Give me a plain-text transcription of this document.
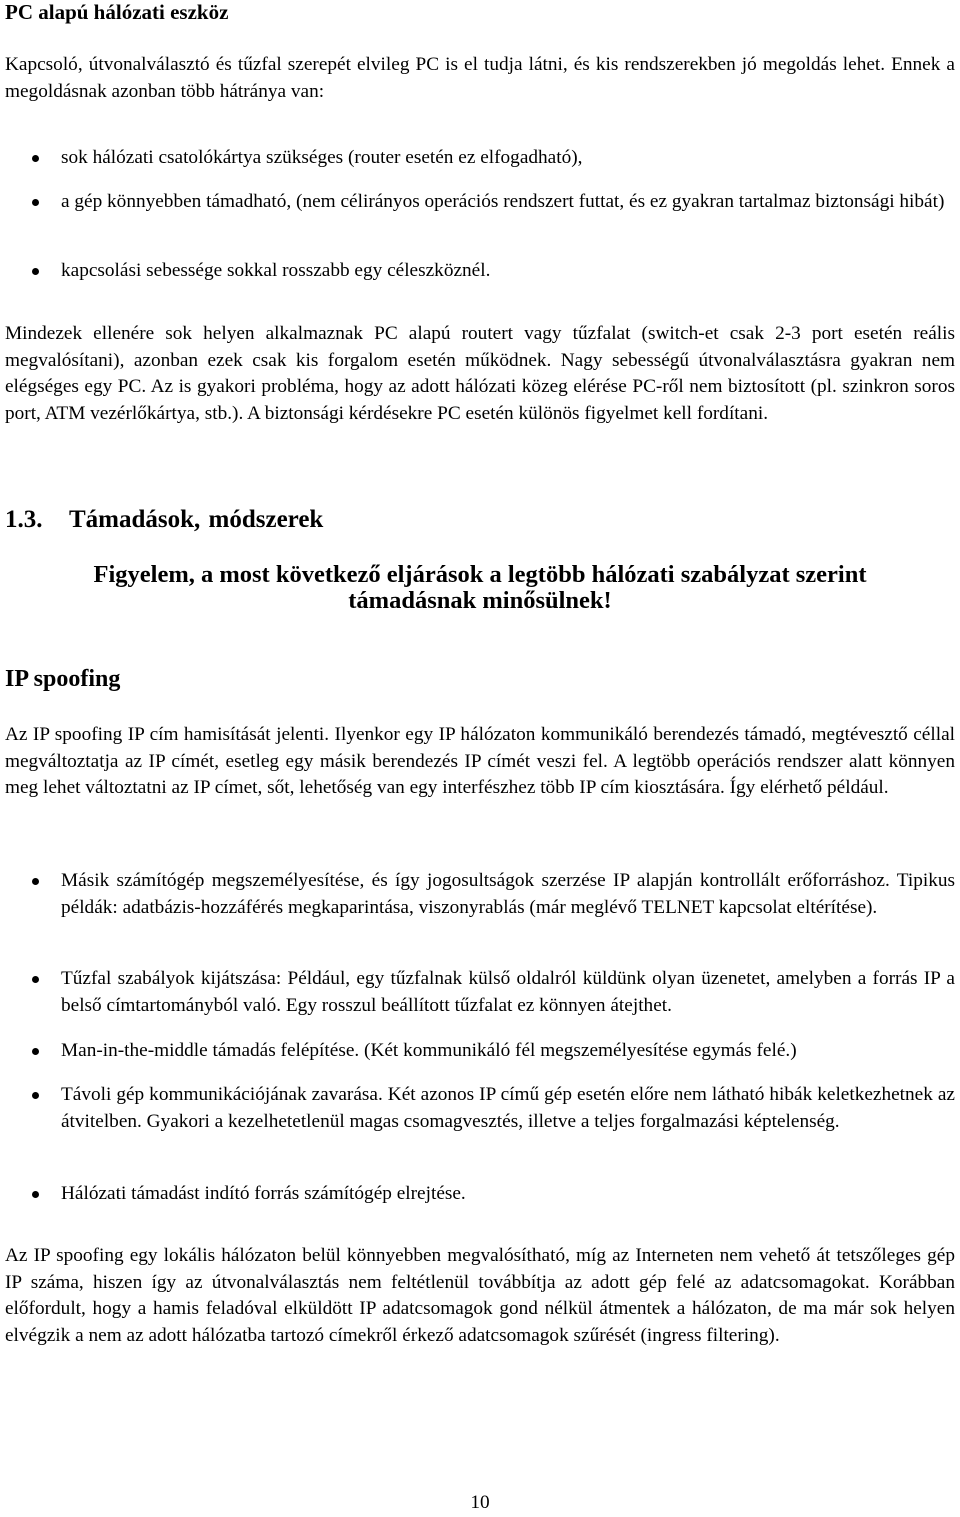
PC alapú hálózati eszköz

Kapcsoló, útvonalválasztó és tűzfal szerepét elvileg PC is el tudja látni, és kis rendszerekben jó megoldás lehet. Ennek a megoldásnak azonban több hátránya van:

sok hálózati csatolókártya szükséges (router esetén ez elfogadható),
a gép könnyebben támadható, (nem célirányos operációs rendszert futtat, és ez gyakran tartalmaz biztonsági hibát)
kapcsolási sebessége sokkal rosszabb egy céleszköznél.

Mindezek ellenére sok helyen alkalmaznak PC alapú routert vagy tűzfalat (switch-et csak 2-3 port esetén reális megvalósítani), azonban ezek csak kis forgalom esetén működnek. Nagy sebességű útvonalválasztásra gyakran nem elégséges egy PC. Az is gyakori probléma, hogy az adott hálózati közeg elérése PC-ről nem biztosított (pl. szinkron soros port, ATM vezérlőkártya, stb.). A biztonsági kérdésekre PC esetén különös figyelmet kell fordítani.

1.3. Támadások, módszerek

Figyelem, a most következő eljárások a legtöbb hálózati szabályzat szerint

támadásnak minősülnek!

IP spoofing

Az IP spoofing IP cím hamisítását jelenti. Ilyenkor egy IP hálózaton kommunikáló berendezés támadó, megtévesztő céllal megváltoztatja az IP címét, esetleg egy másik berendezés IP címét veszi fel. A legtöbb operációs rendszer alatt könnyen meg lehet változtatni az IP címet, sőt, lehetőség van egy interfészhez több IP cím kiosztására. Így elérhető például.

Másik számítógép megszemélyesítése, és így jogosultságok szerzése IP alapján kontrollált erőforráshoz. Tipikus példák: adatbázis-hozzáférés megkaparintása, viszonyrablás (már meglévő TELNET kapcsolat eltérítése).
Tűzfal szabályok kijátszása: Például, egy tűzfalnak külső oldalról küldünk olyan üzenetet, amelyben a forrás IP a belső címtartományból való. Egy rosszul beállított tűzfalat ez könnyen átejthet.
Man-in-the-middle támadás felépítése. (Két kommunikáló fél megszemélyesítése egymás felé.)
Távoli gép kommunikációjának zavarása. Két azonos IP című gép esetén előre nem látható hibák keletkezhetnek az átvitelben. Gyakori a kezelhetetlenül magas csomagvesztés, illetve a teljes forgalmazási képtelenség.
Hálózati támadást indító forrás számítógép elrejtése.

Az IP spoofing egy lokális hálózaton belül könnyebben megvalósítható, míg az Interneten nem vehető át tetszőleges gép IP száma, hiszen így az útvonalválasztás nem feltétlenül továbbítja az adott gép felé az adatcsomagokat. Korábban előfordult, hogy a hamis feladóval elküldött IP adatcsomagok gond nélkül átmentek a hálózaton, de ma már sok helyen elvégzik a nem az adott hálózatba tartozó címekről érkező adatcsomagok szűrését (ingress filtering).

10
